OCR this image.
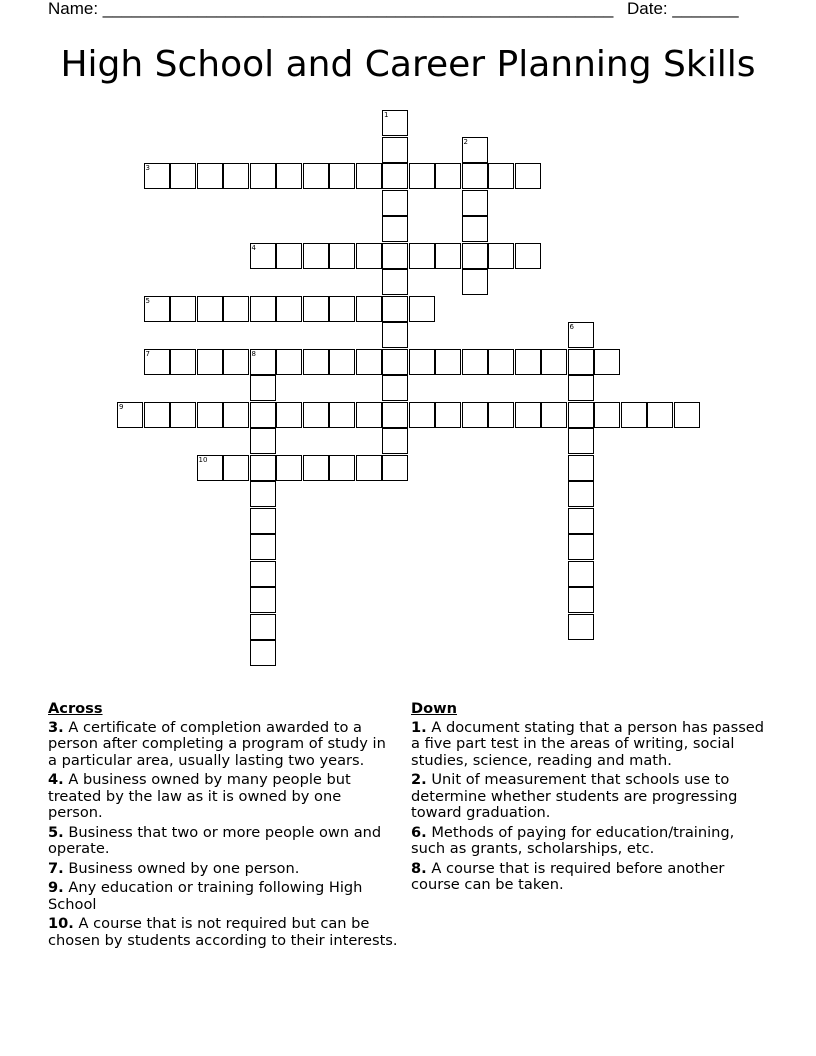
Name: ______________________________________________________ Date: _______
High School and Career Planning Skills
1
2
3
4
5
6
7	8
9
10
Across
3. A certificate of completion awarded to a person after completing a program of study in a particular area, usually lasting two years.
4. A business owned by many people but treated by the law as it is owned by one person.
5. Business that two or more people own and operate.
7. Business owned by one person.
9. Any education or training following High School
10. A course that is not required but can be chosen by students according to their interests.
Down
1. A document stating that a person has passed a five part test in the areas of writing, social studies, science, reading and math.
2. Unit of measurement that schools use to determine whether students are progressing toward graduation.
6. Methods of paying for education/training, such as grants, scholarships, etc.
8. A course that is required before another course can be taken.
